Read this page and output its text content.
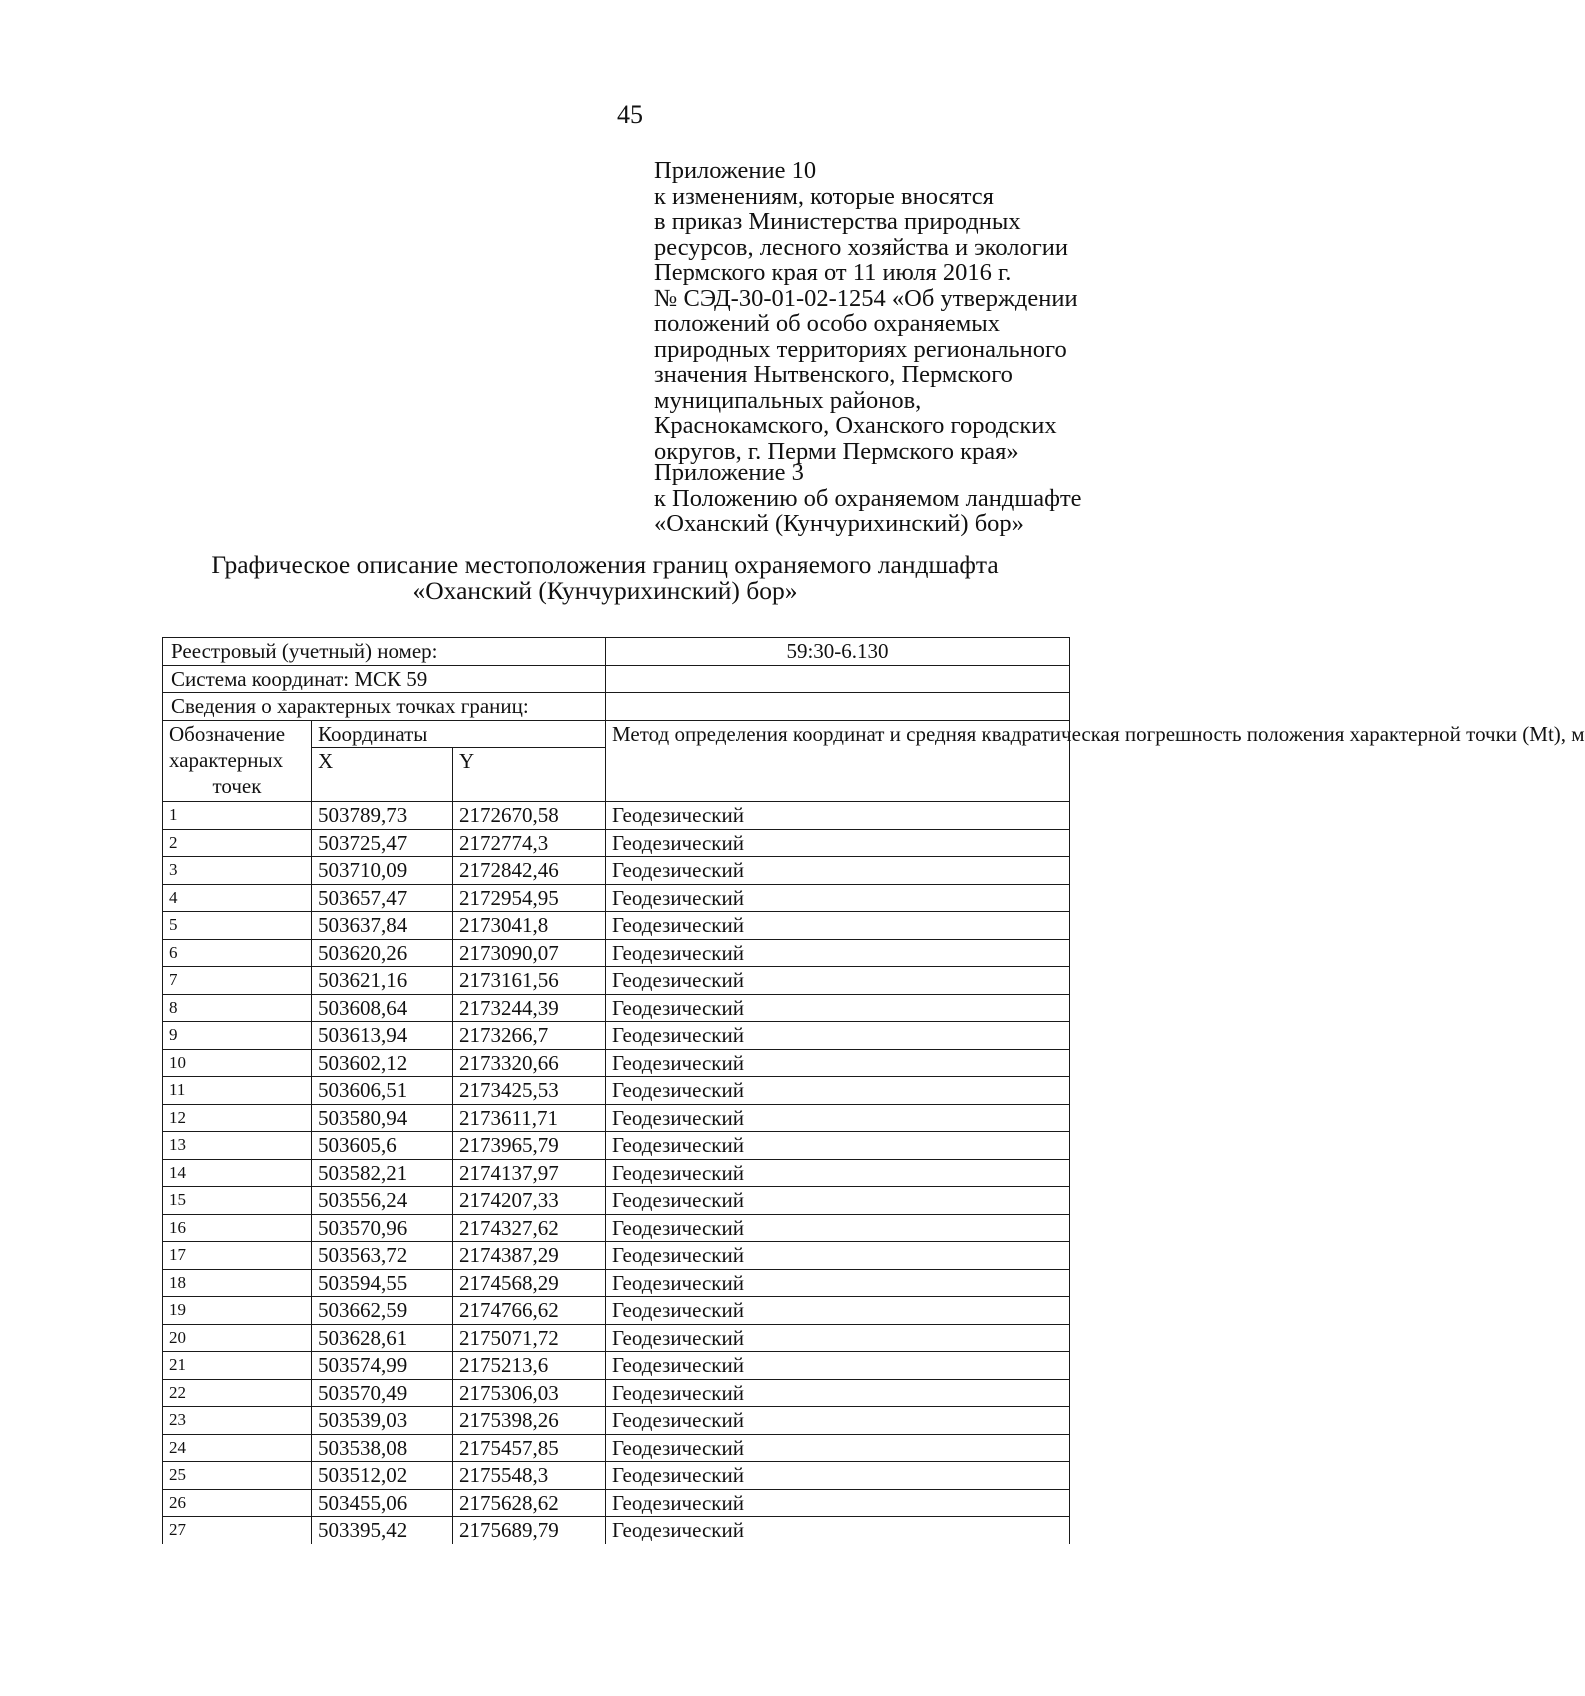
45
Приложение 10
к изменениям, которые вносятся
в приказ Министерства природных
ресурсов, лесного хозяйства и экологии
Пермского края от 11 июля 2016 г.
№ СЭД-30-01-02-1254 «Об утверждении
положений об особо охраняемых
природных территориях регионального
значения Нытвенского, Пермского
муниципальных районов,
Краснокамского, Оханского городских
округов, г. Перми Пермского края»
Приложение 3
к Положению об охраняемом ландшафте
«Оханский (Кунчурихинский) бор»
Графическое описание местоположения границ охраняемого ландшафта
«Оханский (Кунчурихинский) бор»
Реестровый (учетный) номер:			59:30-6.130
Система координат: МСК 59			
Сведения о характерных точках границ:			

Обозначение
характерных
точек	Координаты		Метод определения координат и средняя квадратическая погрешность положения характерной точки (Mt), м
	X	Y	
1	503789,73	2172670,58	Геодезический
2	503725,47	2172774,3	Геодезический
3	503710,09	2172842,46	Геодезический
4	503657,47	2172954,95	Геодезический
5	503637,84	2173041,8	Геодезический
6	503620,26	2173090,07	Геодезический
7	503621,16	2173161,56	Геодезический
8	503608,64	2173244,39	Геодезический
9	503613,94	2173266,7	Геодезический
10	503602,12	2173320,66	Геодезический
11	503606,51	2173425,53	Геодезический
12	503580,94	2173611,71	Геодезический
13	503605,6	2173965,79	Геодезический
14	503582,21	2174137,97	Геодезический
15	503556,24	2174207,33	Геодезический
16	503570,96	2174327,62	Геодезический
17	503563,72	2174387,29	Геодезический
18	503594,55	2174568,29	Геодезический
19	503662,59	2174766,62	Геодезический
20	503628,61	2175071,72	Геодезический
21	503574,99	2175213,6	Геодезический
22	503570,49	2175306,03	Геодезический
23	503539,03	2175398,26	Геодезический
24	503538,08	2175457,85	Геодезический
25	503512,02	2175548,3	Геодезический
26	503455,06	2175628,62	Геодезический
27	503395,42	2175689,79	Геодезический
